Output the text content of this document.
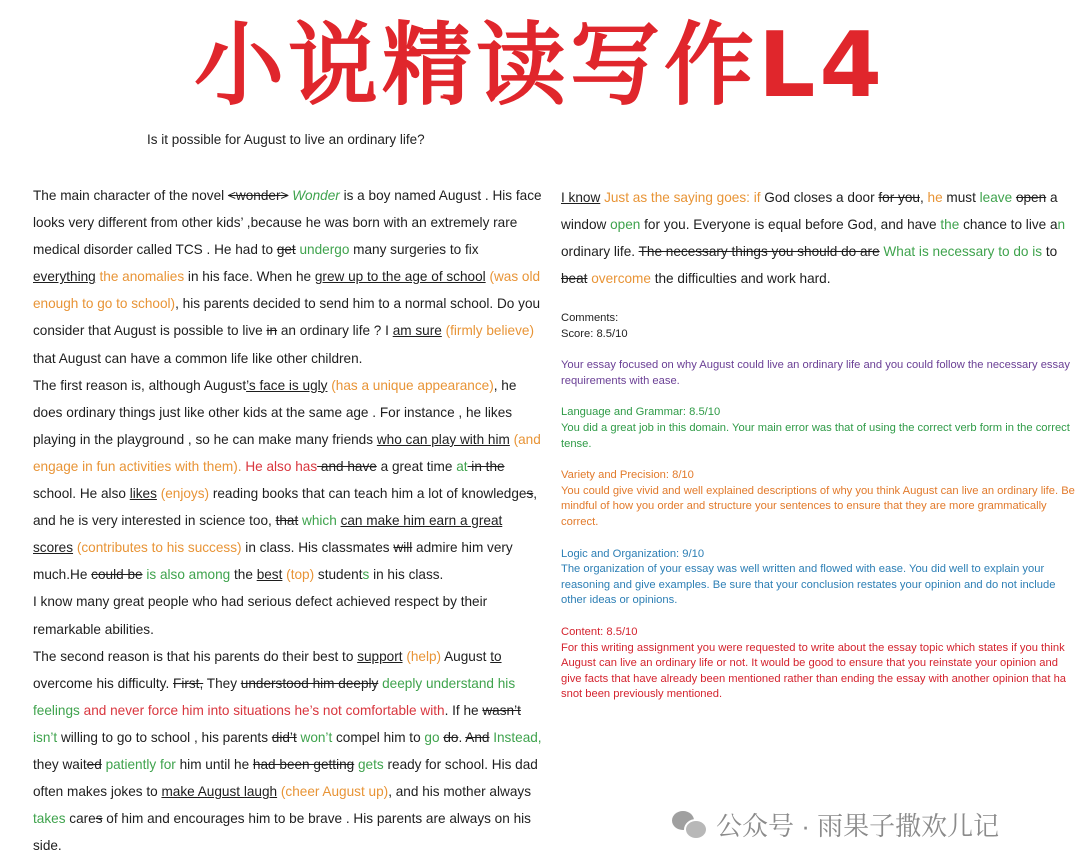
小说精读写作L4
Is it possible for August to live an ordinary life?

The main character of the novel <wonder> Wonder is a boy named August . His face looks very different from other kids’ ,because he was born with an extremely rare medical disorder called TCS . He had to get undergo many surgeries to fix everything the anomalies in his face. When he grew up to the age of school (was old enough to go to school), his parents decided to send him to a normal school. Do you consider that August is possible to live in an ordinary life ? I am sure (firmly believe) that August can have a common life like other children.

The first reason is, although August’s face is ugly (has a unique appearance), he does ordinary things just like other kids at the same age . For instance , he likes playing in the playground , so he can make many friends who can play with him (and engage in fun activities with them). He also has and have a great time at in the school. He also likes (enjoys) reading books that can teach him a lot of knowledges, and he is very interested in science too, that which can make him earn a great scores (contributes to his success) in class. His classmates will admire him very much.He could be is also among the best (top) students in his class.

I know many great people who had serious defect achieved respect by their remarkable abilities.

The second reason is that his parents do their best to support (help) August to overcome his difficulty. First, They understood him deeply deeply understand his feelings and never force him into situations he’s not comfortable with. If he wasn’t isn’t willing to go to school , his parents did’t won’t compel him to go do. And Instead, they waited patiently for him until he had been getting gets ready for school. His dad often makes jokes to make August laugh (cheer August up), and his mother always takes cares of him and encourages him to be brave . His parents are always on his side.

I know Just as the saying goes: if God closes a door for you, he must leave open a window open for you. Everyone is equal before God, and have the chance to live an ordinary life. The necessary things you should do are What is necessary to do is to beat overcome the difficulties and work hard.

Comments:
Score: 8.5/10
Your essay focused on why August could live an ordinary life and you could follow the necessary essay requirements with ease.
Language and Grammar: 8.5/10
You did a great job in this domain. Your main error was that of using the correct verb form in the correct tense.
Variety and Precision: 8/10
You could give vivid and well explained descriptions of why you think August can live an ordinary life. Be mindful of how you order and structure your sentences to ensure that they are more grammatically correct.
Logic and Organization: 9/10
The organization of your essay was well written and flowed with ease. You did well to explain your reasoning and give examples. Be sure that your conclusion restates your opinion and do not include other ideas or opinions.
Content: 8.5/10
For this writing assignment you were requested to write about the essay topic which states if you think August can live an ordinary life or not. It would be good to ensure that you reinstate your opinion and give facts that have already been mentioned rather than ending the essay with another opinion that ha snot been previously mentioned.
公众号 · 雨果子撒欢儿记
